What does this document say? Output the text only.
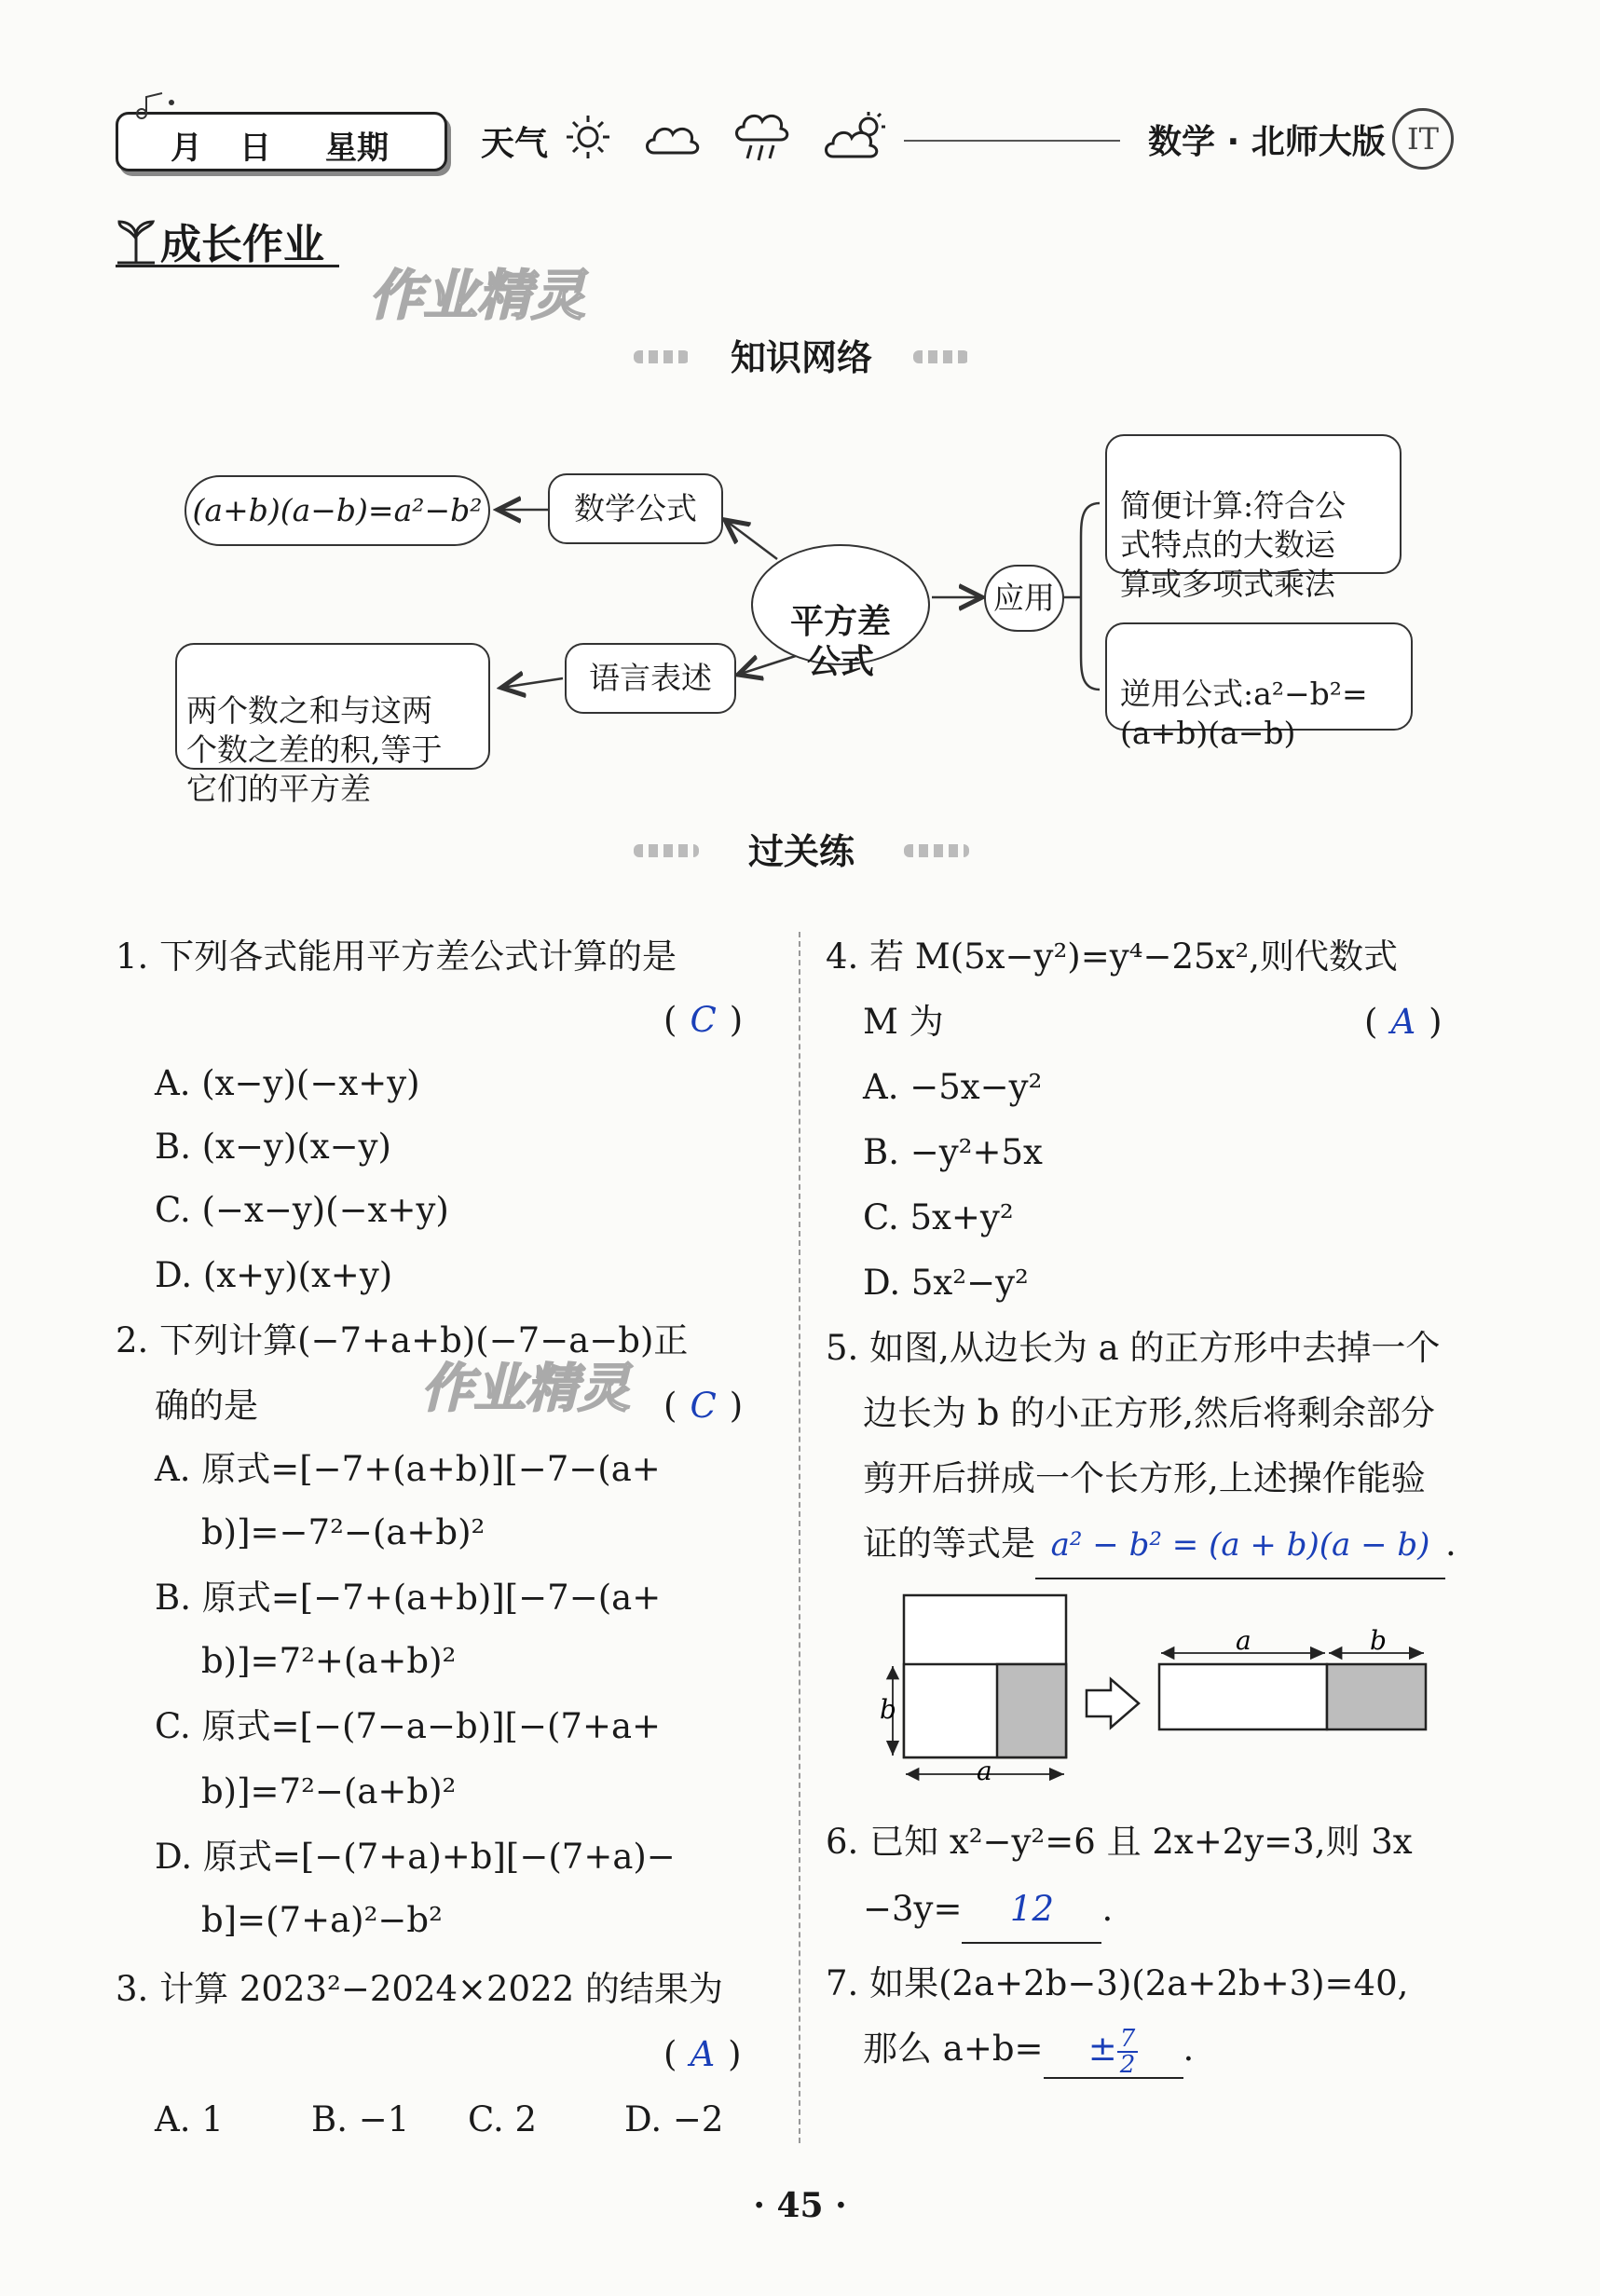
月 日 星期	天气	数学 · 北师大版 IT
成长作业
作业精灵
知识网络
(a+b)(a−b)=a²−b²	数学公式

平方差
公式

语言表述

两个数之和与这两
个数之差的积,等于
它们的平方差

应用

简便计算:符合公
式特点的大数运
算或多项式乘法

逆用公式:a²−b²=
(a+b)(a−b)

过关练
1. 下列各式能用平方差公式计算的是
(C)
A. (x−y)(−x+y)
B. (x−y)(x−y)
C. (−x−y)(−x+y)
D. (x+y)(x+y)
2. 下列计算(−7+a+b)(−7−a−b)正
确的是	作业精灵 (C)
A. 原式=[−7+(a+b)][−7−(a+
b)]=−7²−(a+b)²
B. 原式=[−7+(a+b)][−7−(a+
b)]=7²+(a+b)²
C. 原式=[−(7−a−b)][−(7+a+
b)]=7²−(a+b)²
D. 原式=[−(7+a)+b][−(7+a)−
b]=(7+a)²−b²
3. 计算 2023²−2024×2022 的结果为
(A)
A. 1	B. −1 C. 2	D. −2
4. 若 M(5x−y²)=y⁴−25x²,则代数式
M 为	(A)
A. −5x−y²
B. −y²+5x
C. 5x+y²
D. 5x²−y²
5. 如图,从边长为 a 的正方形中去掉一个
边长为 b 的小正方形,然后将剩余部分
剪开后拼成一个长方形,上述操作能验
证的等式是 a² − b² = (a + b)(a − b) .
b
a
a	b
6. 已知 x²−y²=6 且 2x+2y=3,则 3x
−3y= 12 .
7. 如果(2a+2b−3)(2a+2b+3)=40,
那么 $a+b= \pm \frac{7}{2}$ .
· 45 ·
